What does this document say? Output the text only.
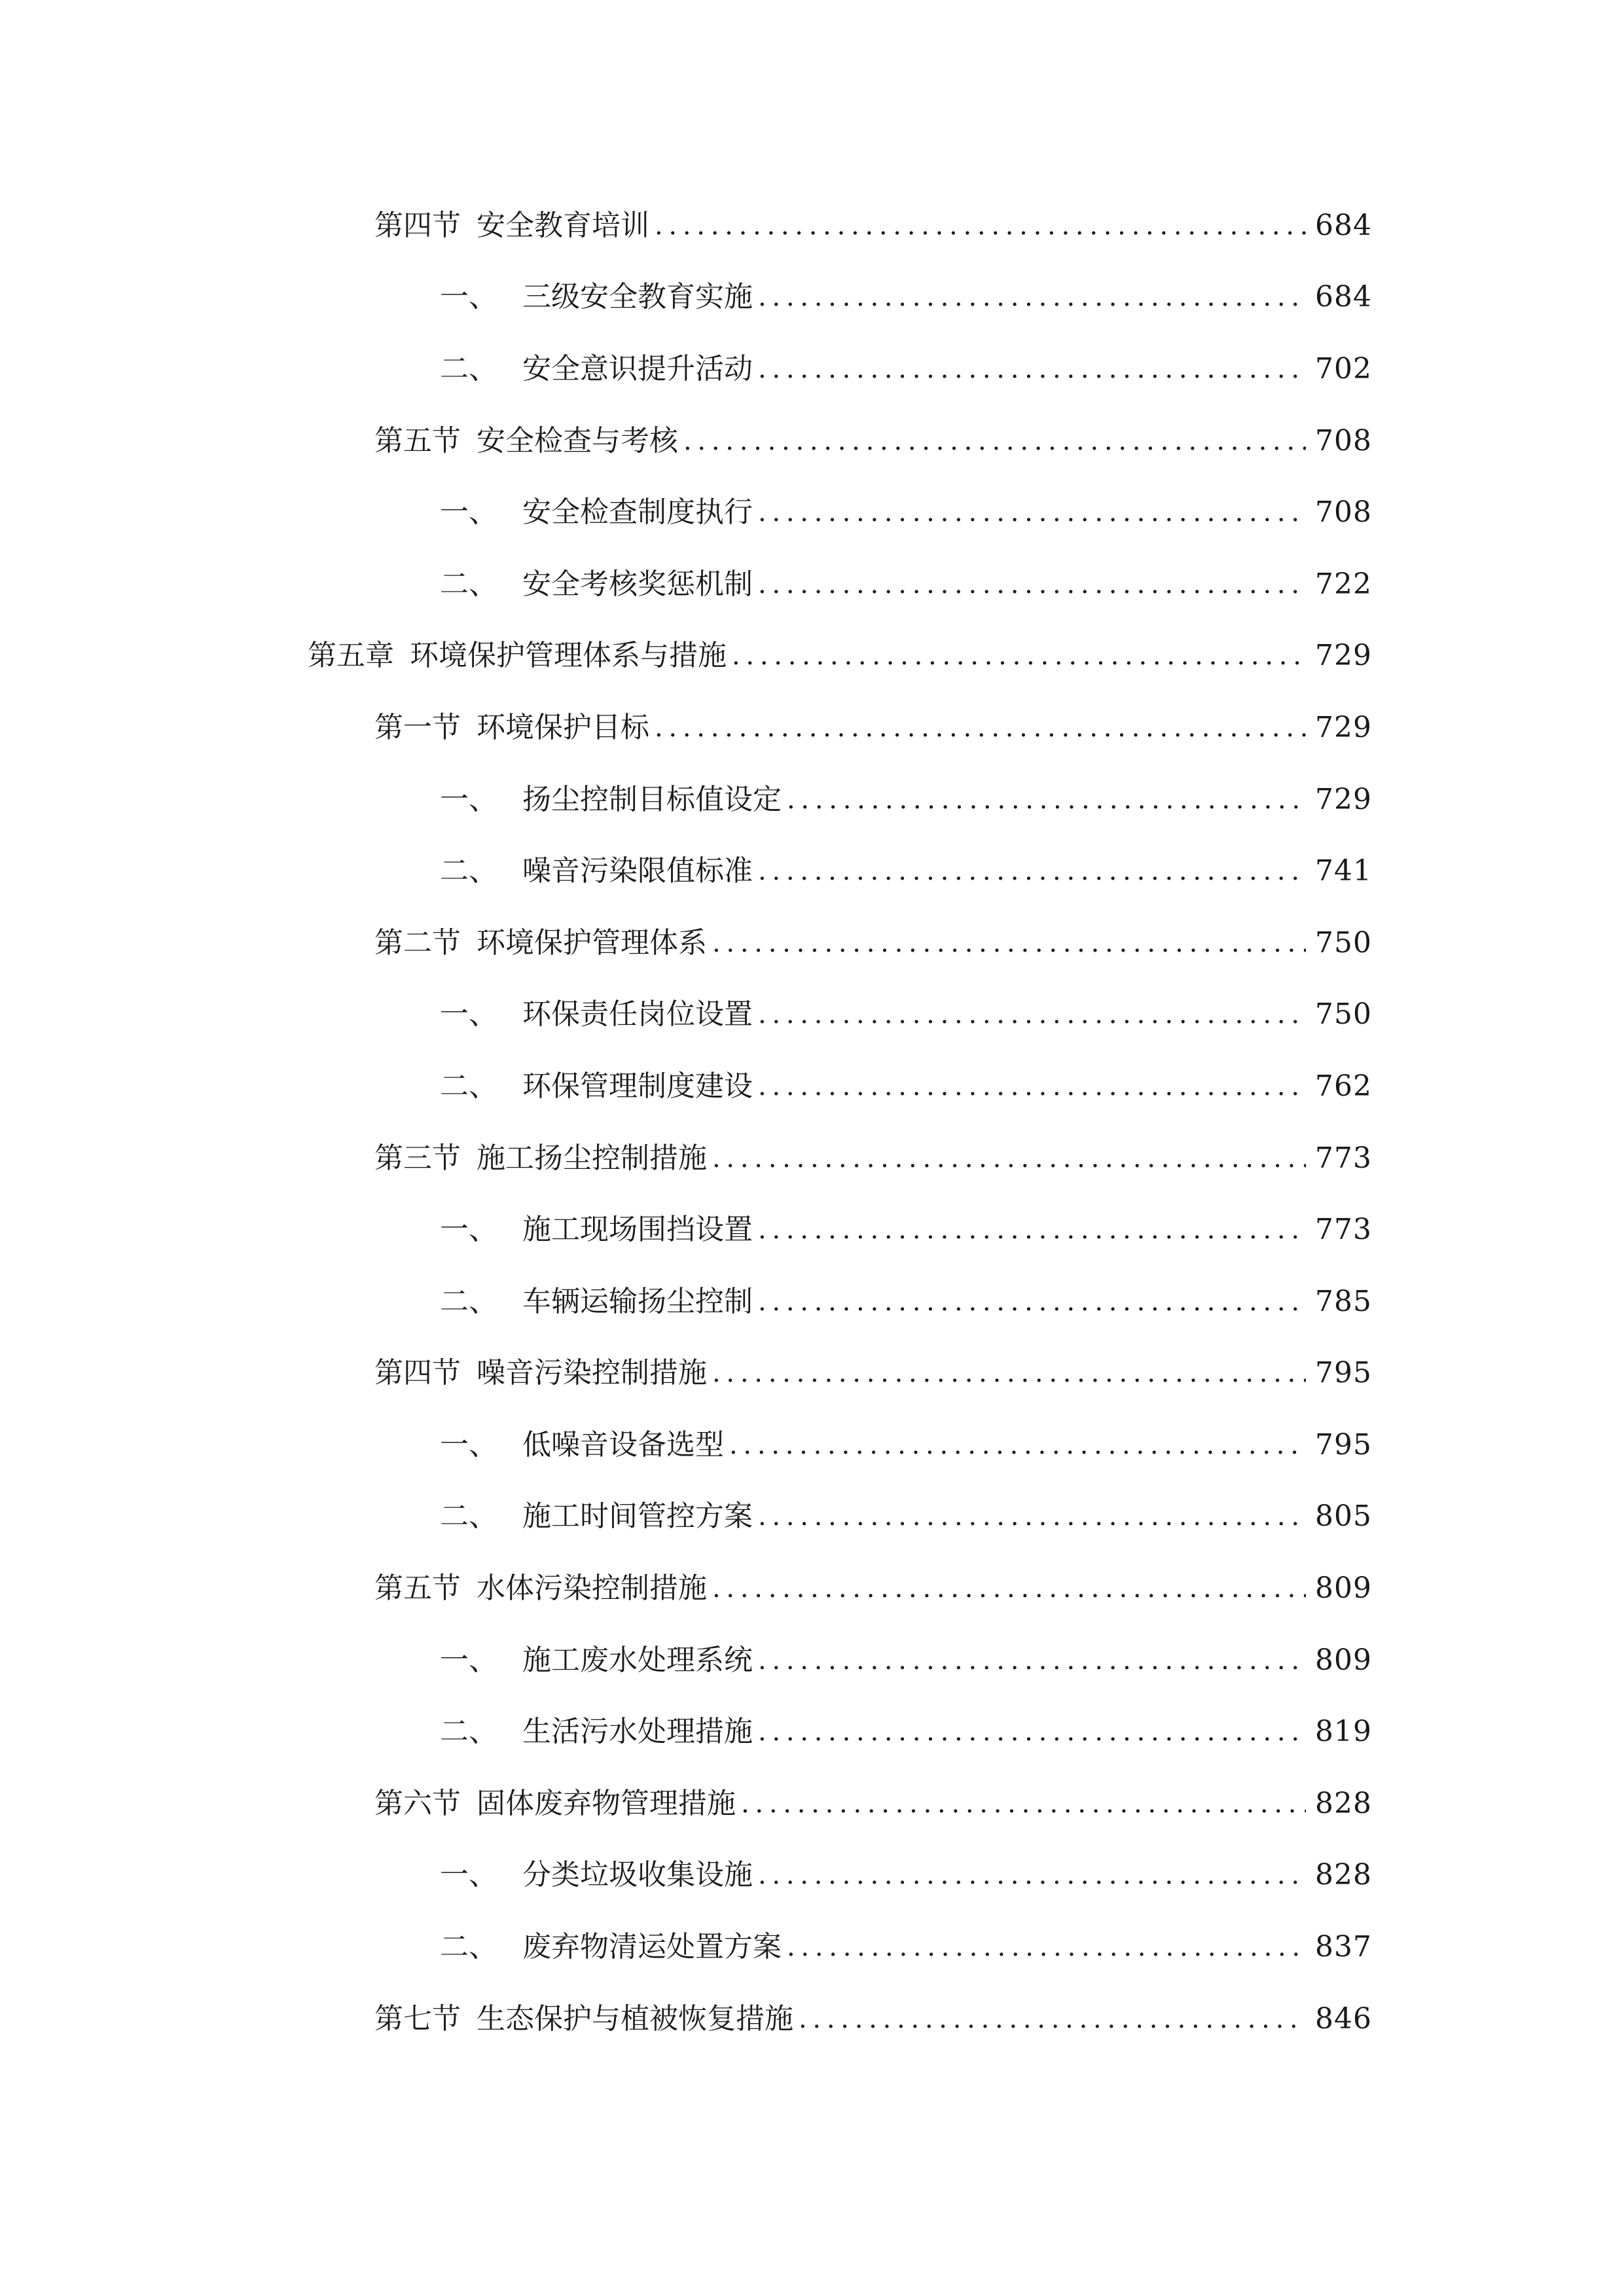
第四节 安全教育培训 . . .	684
一、 三级安全教育实施 . . .	684
二、 安全意识提升活动 . . .	702
第五节 安全检查与考核 . . .	708
一、 安全检查制度执行 . . .	708
二、 安全考核奖惩机制 . . .	722
第五章 环境保护管理体系与措施 . . .	729
第一节 环境保护目标 . . .	729
一、 扬尘控制目标值设定 . . .	729
二、 噪音污染限值标准 . . .	741
第二节 环境保护管理体系 . . .	750
一、 环保责任岗位设置 . . .	750
二、 环保管理制度建设 . . .	762
第三节 施工扬尘控制措施 . . .	773
一、 施工现场围挡设置 . . .	773
二、 车辆运输扬尘控制 . . .	785
第四节 噪音污染控制措施 . . .	795
一、 低噪音设备选型 . . .	795
二、 施工时间管控方案 . . .	805
第五节 水体污染控制措施 . . .	809
一、 施工废水处理系统 . . .	809
二、 生活污水处理措施 . . .	819
第六节 固体废弃物管理措施 . . .	828
一、 分类垃圾收集设施 . . .	828
二、 废弃物清运处置方案 . . .	837
第七节 生态保护与植被恢复措施 . . .	846
